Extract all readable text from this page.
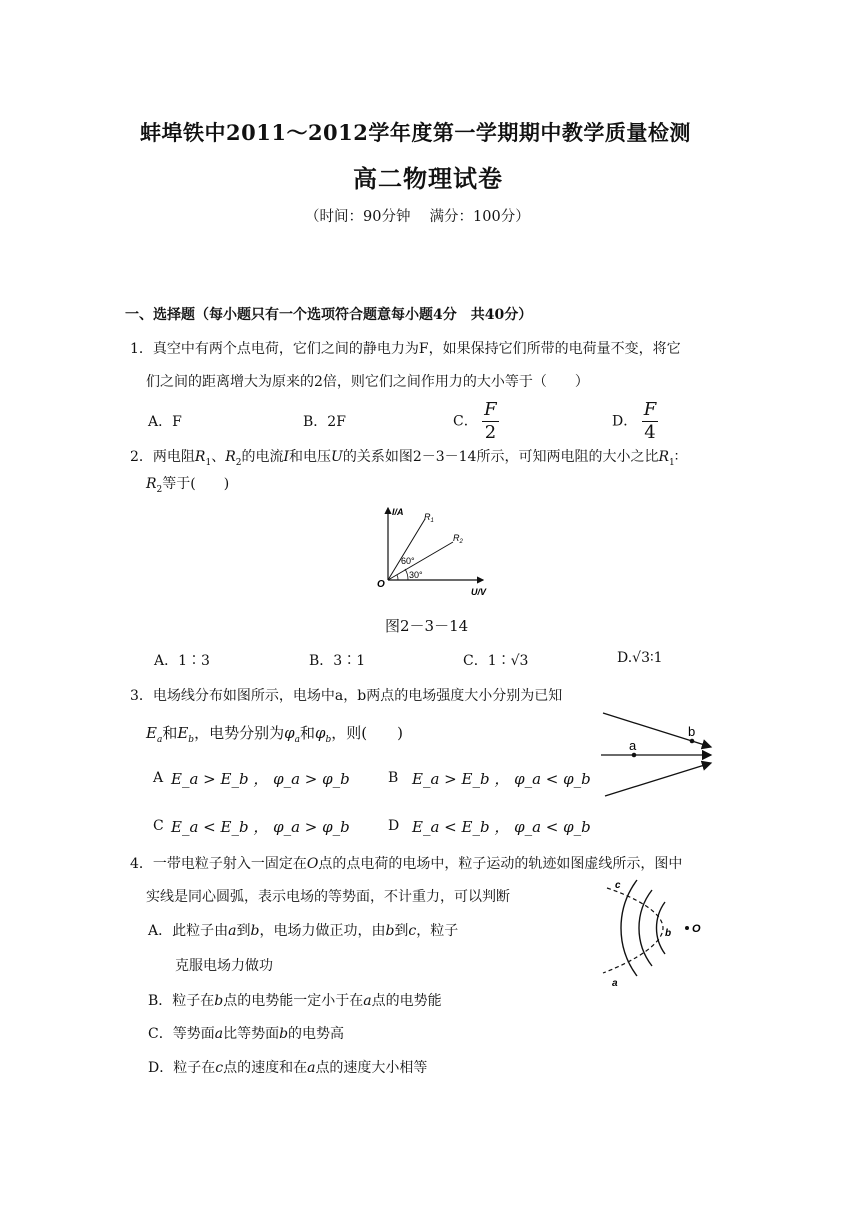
蚌埠铁中2011～2012学年度第一学期期中教学质量检测
高二物理试卷
（时间：90分钟　 满分：100分）
一、选择题（每小题只有一个选项符合题意每小题4分　共40分）
1．真空中有两个点电荷，它们之间的静电力为F，如果保持它们所带的电荷量不变，将它
们之间的距离增大为原来的2倍，则它们之间作用力的大小等于（　　）
A．F	B．2F	C． $\frac{F}{2}$	D． $\frac{F}{4}$
2．两电阻$R_1$、$R_2$的电流I和电压U的关系如图2－3－14所示，可知两电阻的大小之比$R_1∶$
$R_2$等于(　　)
I/A
U/V
O
$R_1$
$R_2$
60°
30°
图2－3－14
A．1∶3	B．3∶1	C．1∶√3	D.√3∶1
3．电场线分布如图所示，电场中a，b两点的电场强度大小分别为已知
$E_a$和$E_b$，电势分别为$\varphi_a$和$\varphi_b$，则(　　)
A E_a > E_b ， φ_a > φ_b	B E_a > E_b ， φ_a < φ_b
C E_a < E_b ， φ_a > φ_b	D E_a < E_b ， φ_a < φ_b
a
b
4．一带电粒子射入一固定在O点的点电荷的电场中，粒子运动的轨迹如图虚线所示，图中
实线是同心圆弧，表示电场的等势面，不计重力，可以判断
A．此粒子由a到b，电场力做正功，由b到c，粒子
克服电场力做功
B．粒子在b点的电势能一定小于在a点的电势能
C．等势面a比等势面b的电势高
D．粒子在c点的速度和在a点的速度大小相等
c
b
a
O
